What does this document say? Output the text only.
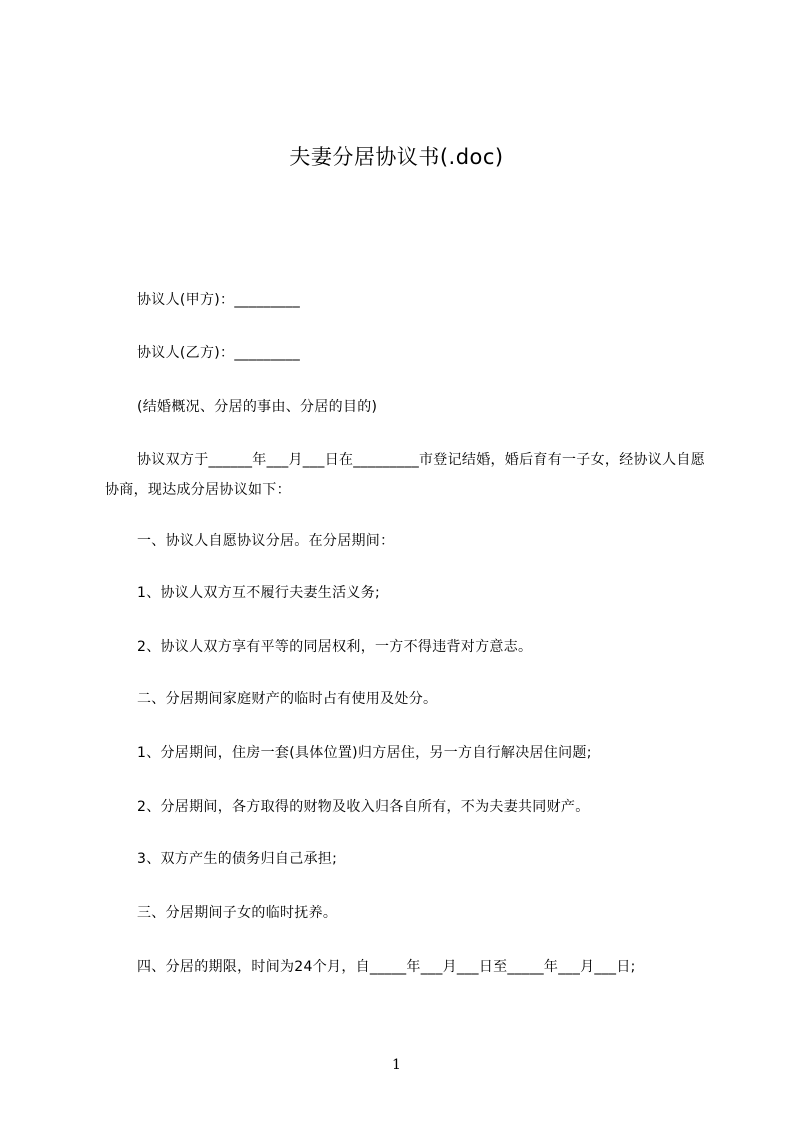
夫妻分居协议书(.doc)
协议人(甲方)：_________
协议人(乙方)：_________
(结婚概况、分居的事由、分居的目的)
协议双方于______年___月___日在_________市登记结婚，婚后育有一子女，经协议人自愿协商，现达成分居协议如下：
一、协议人自愿协议分居。在分居期间：
1、协议人双方互不履行夫妻生活义务;
2、协议人双方享有平等的同居权利，一方不得违背对方意志。
二、分居期间家庭财产的临时占有使用及处分。
1、分居期间，住房一套(具体位置)归方居住，另一方自行解决居住问题;
2、分居期间，各方取得的财物及收入归各自所有，不为夫妻共同财产。
3、双方产生的债务归自己承担;
三、分居期间子女的临时抚养。
四、分居的期限，时间为24个月，自_____年___月___日至_____年___月___日;
1
